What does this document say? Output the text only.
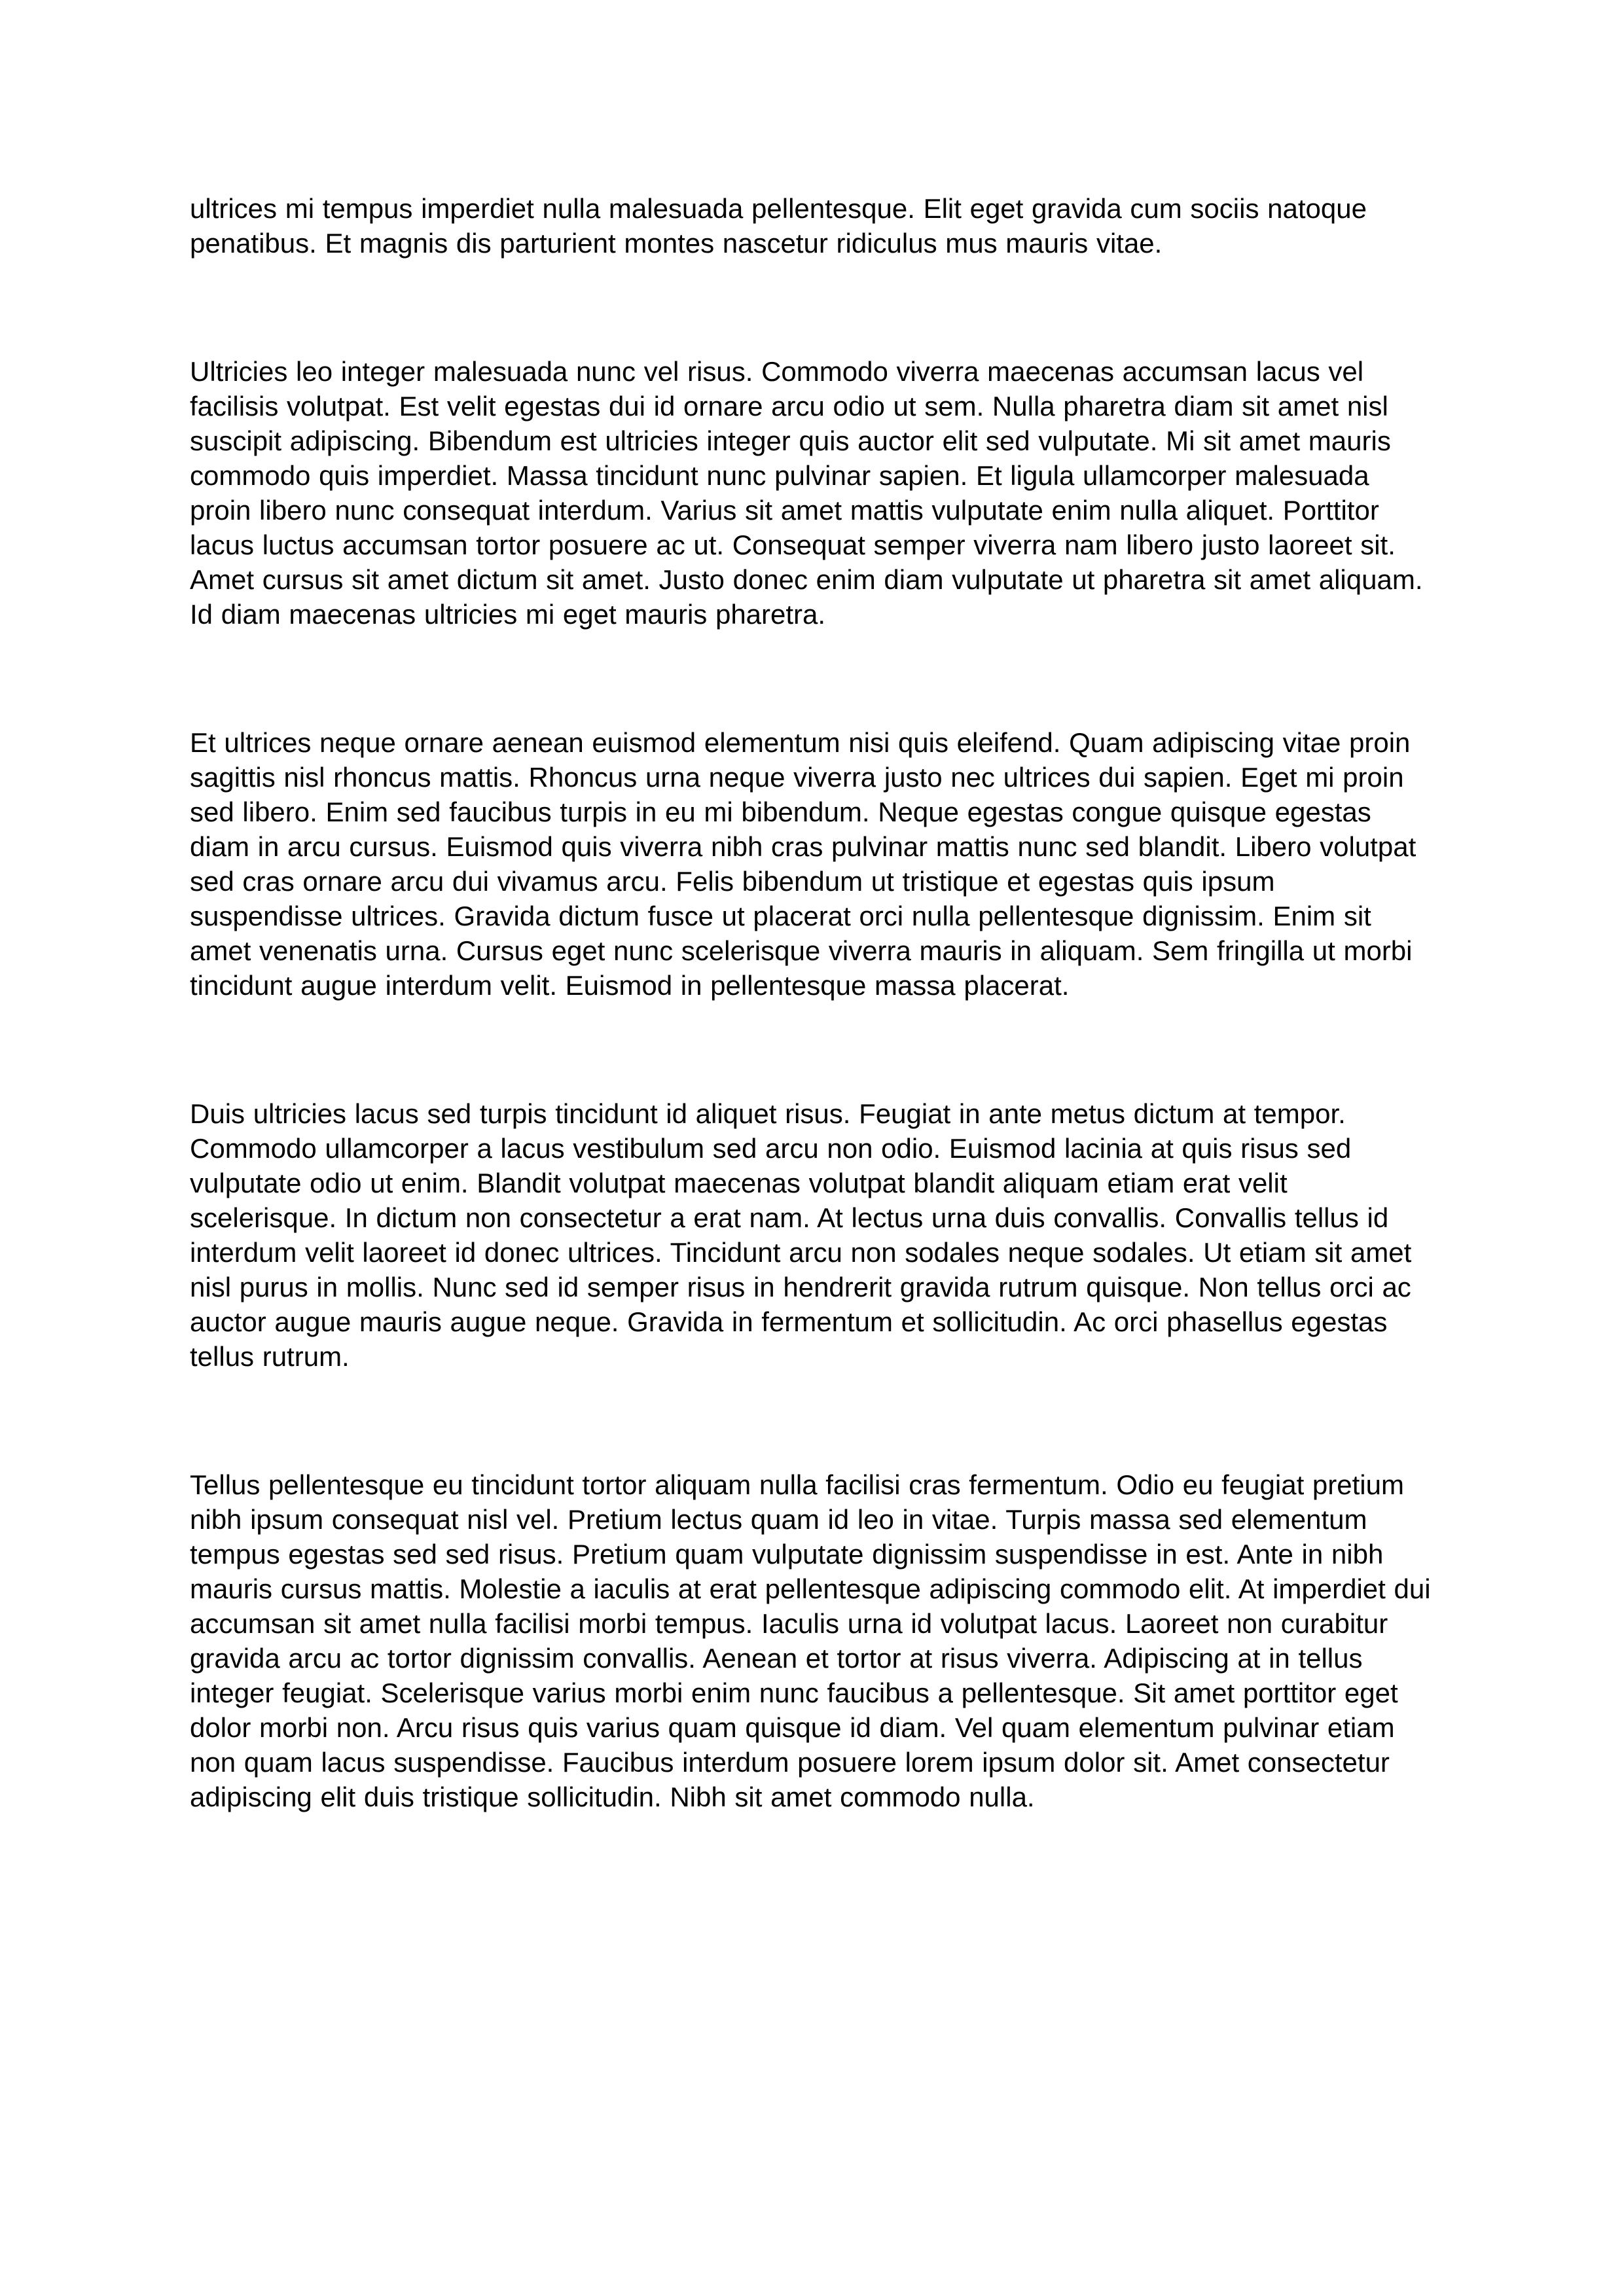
ultrices mi tempus imperdiet nulla malesuada pellentesque. Elit eget gravida cum sociis natoque penatibus. Et magnis dis parturient montes nascetur ridiculus mus mauris vitae.

Ultricies leo integer malesuada nunc vel risus. Commodo viverra maecenas accumsan lacus vel facilisis volutpat. Est velit egestas dui id ornare arcu odio ut sem. Nulla pharetra diam sit amet nisl suscipit adipiscing. Bibendum est ultricies integer quis auctor elit sed vulputate. Mi sit amet mauris commodo quis imperdiet. Massa tincidunt nunc pulvinar sapien. Et ligula ullamcorper malesuada proin libero nunc consequat interdum. Varius sit amet mattis vulputate enim nulla aliquet. Porttitor lacus luctus accumsan tortor posuere ac ut. Consequat semper viverra nam libero justo laoreet sit. Amet cursus sit amet dictum sit amet. Justo donec enim diam vulputate ut pharetra sit amet aliquam. Id diam maecenas ultricies mi eget mauris pharetra.

Et ultrices neque ornare aenean euismod elementum nisi quis eleifend. Quam adipiscing vitae proin sagittis nisl rhoncus mattis. Rhoncus urna neque viverra justo nec ultrices dui sapien. Eget mi proin sed libero. Enim sed faucibus turpis in eu mi bibendum. Neque egestas congue quisque egestas diam in arcu cursus. Euismod quis viverra nibh cras pulvinar mattis nunc sed blandit. Libero volutpat sed cras ornare arcu dui vivamus arcu. Felis bibendum ut tristique et egestas quis ipsum suspendisse ultrices. Gravida dictum fusce ut placerat orci nulla pellentesque dignissim. Enim sit amet venenatis urna. Cursus eget nunc scelerisque viverra mauris in aliquam. Sem fringilla ut morbi tincidunt augue interdum velit. Euismod in pellentesque massa placerat.

Duis ultricies lacus sed turpis tincidunt id aliquet risus. Feugiat in ante metus dictum at tempor. Commodo ullamcorper a lacus vestibulum sed arcu non odio. Euismod lacinia at quis risus sed vulputate odio ut enim. Blandit volutpat maecenas volutpat blandit aliquam etiam erat velit scelerisque. In dictum non consectetur a erat nam. At lectus urna duis convallis. Convallis tellus id interdum velit laoreet id donec ultrices. Tincidunt arcu non sodales neque sodales. Ut etiam sit amet nisl purus in mollis. Nunc sed id semper risus in hendrerit gravida rutrum quisque. Non tellus orci ac auctor augue mauris augue neque. Gravida in fermentum et sollicitudin. Ac orci phasellus egestas tellus rutrum.

Tellus pellentesque eu tincidunt tortor aliquam nulla facilisi cras fermentum. Odio eu feugiat pretium nibh ipsum consequat nisl vel. Pretium lectus quam id leo in vitae. Turpis massa sed elementum tempus egestas sed sed risus. Pretium quam vulputate dignissim suspendisse in est. Ante in nibh mauris cursus mattis. Molestie a iaculis at erat pellentesque adipiscing commodo elit. At imperdiet dui accumsan sit amet nulla facilisi morbi tempus. Iaculis urna id volutpat lacus. Laoreet non curabitur gravida arcu ac tortor dignissim convallis. Aenean et tortor at risus viverra. Adipiscing at in tellus integer feugiat. Scelerisque varius morbi enim nunc faucibus a pellentesque. Sit amet porttitor eget dolor morbi non. Arcu risus quis varius quam quisque id diam. Vel quam elementum pulvinar etiam non quam lacus suspendisse. Faucibus interdum posuere lorem ipsum dolor sit. Amet consectetur adipiscing elit duis tristique sollicitudin. Nibh sit amet commodo nulla.
